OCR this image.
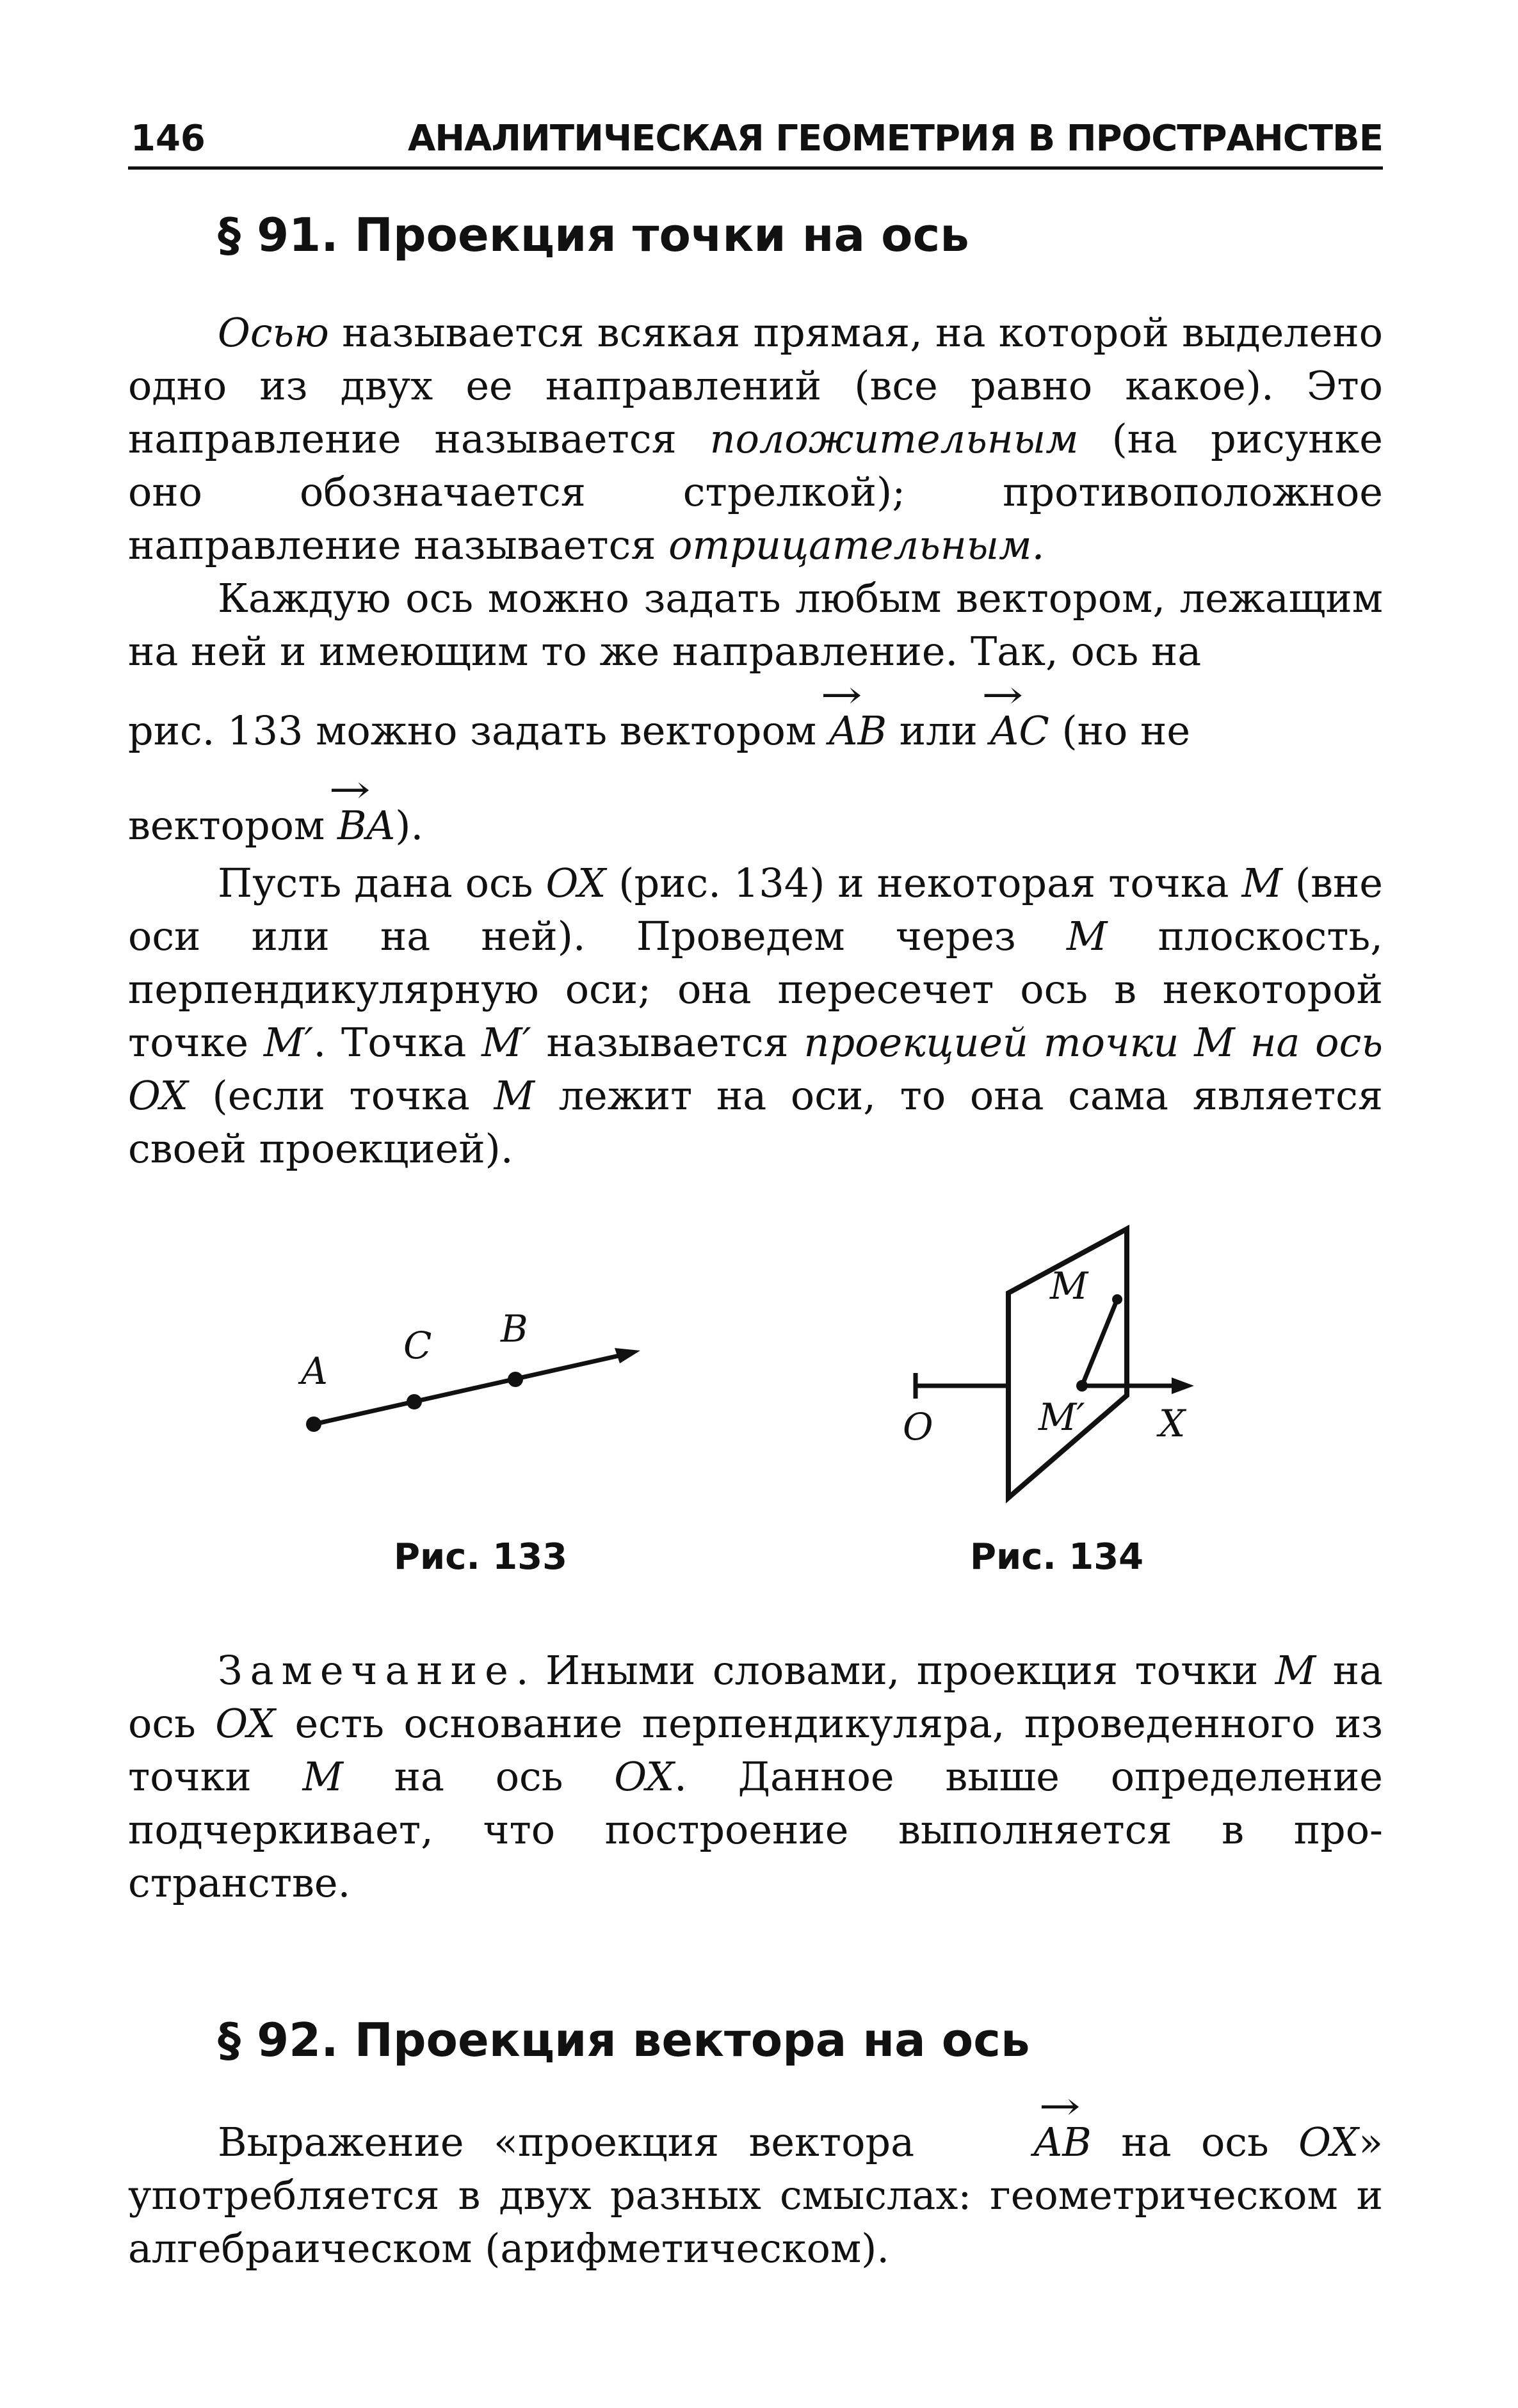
146	АНАЛИТИЧЕСКАЯ ГЕОМЕТРИЯ В ПРОСТРАНСТВЕ
§ 91. Проекция точки на ось

Осью называется всякая прямая, на которой выделено одно из двух ее направлений (все равно какое). Это направление называется положительным (на рисунке оно обозначается стрелкой); противоположное направление называется отрицательным.

Каждую ось можно задать любым вектором, лежащим на ней и имеющим то же направление. Так, ось на

рис. 133 можно задать вектором
→
AB или
→
AC (но не

вектором
→
BA).

Пусть дана ось OX (рис. 134) и некоторая точка M (вне оси или на ней). Проведем через M плоскость, перпендикулярную оси; она пересечет ось в некоторой точке M′. Точка M′ называется проекцией точки M на ось OX (если точка M лежит на оси, то она сама является своей проекцией).

A
C B
Рис. 133
M
M′
O	X
Рис. 134

Замечание. Иными словами, проекция точки M на ось OX есть основание перпендикуляра, проведенного из точки M на ось OX. Данное выше определение подчеркивает, что построение выполняется в пространстве.

§ 92. Проекция вектора на ось

Выражение «проекция вектора
→
AB на ось OX» употребляется в двух разных смыслах: геометрическом и алгебраическом (арифметическом).
